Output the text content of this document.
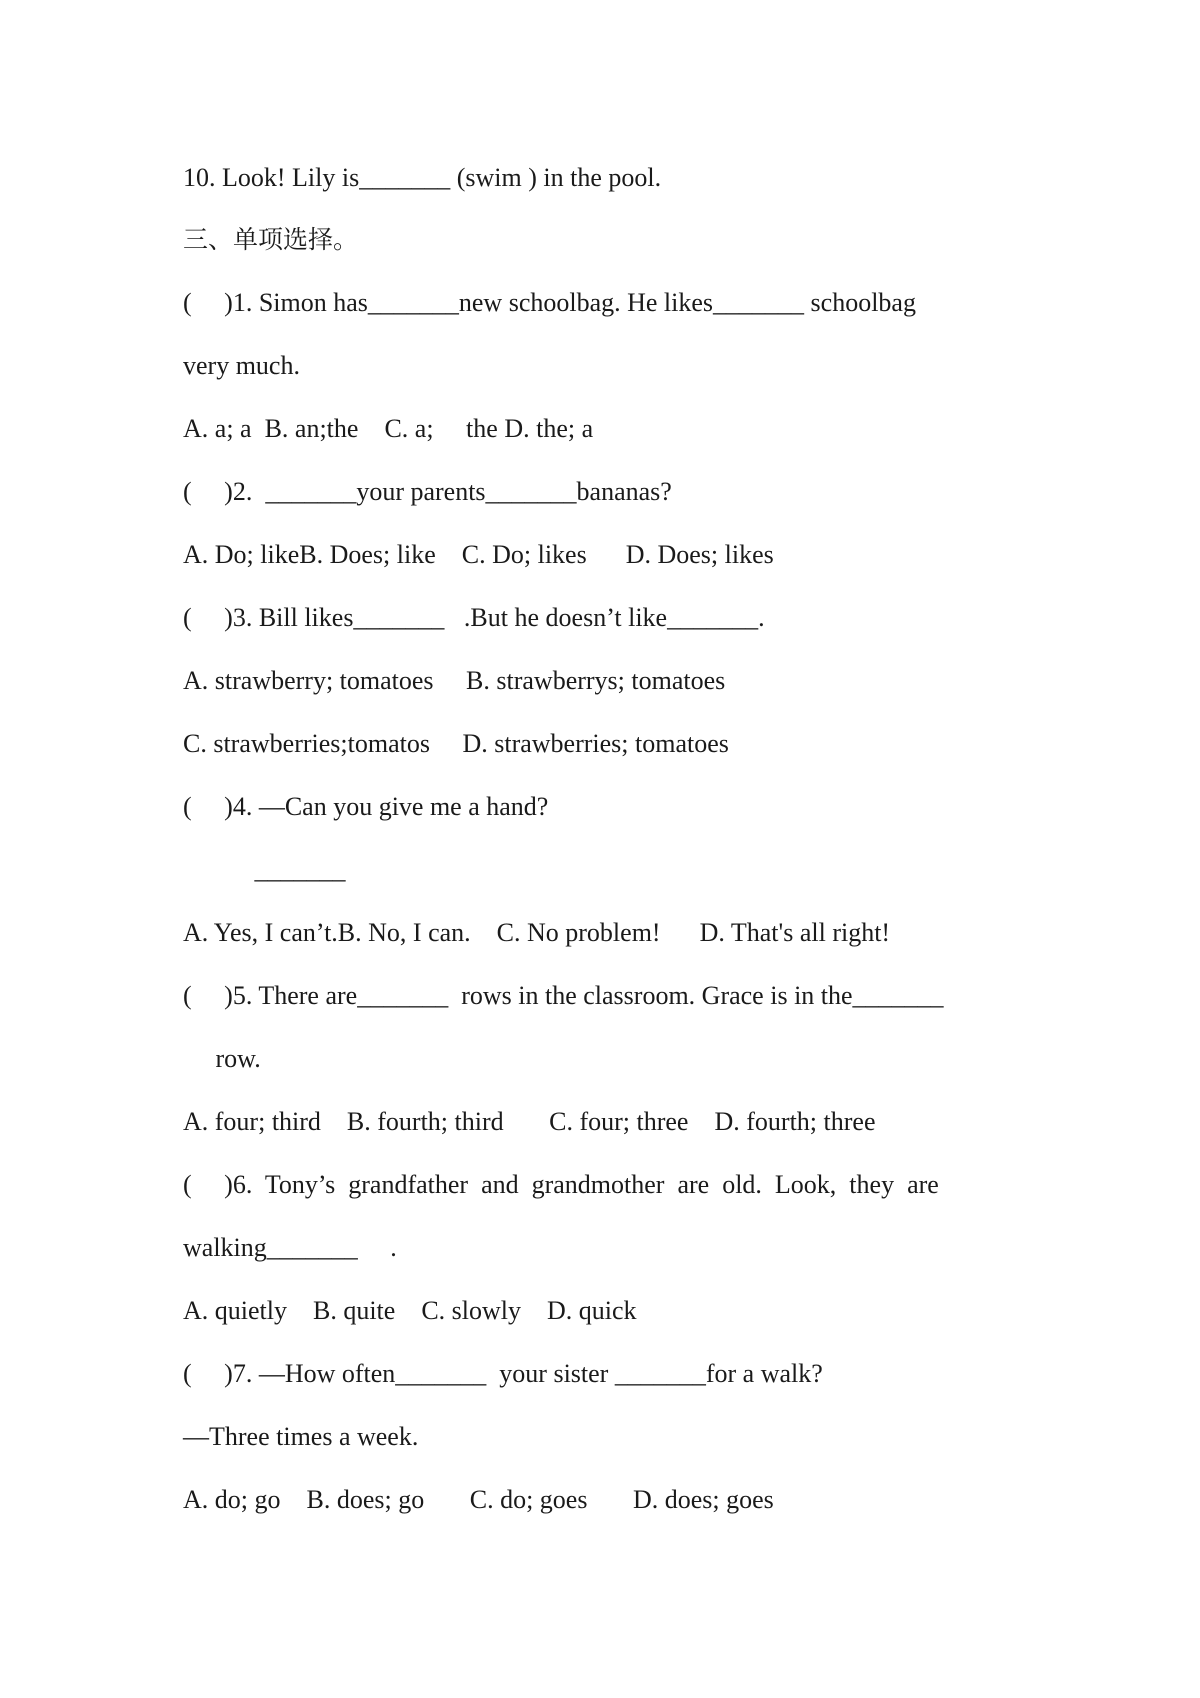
10. Look! Lily is_______ (swim ) in the pool.
三、单项选择。
(     )1. Simon has_______new schoolbag. He likes_______ schoolbag
very much.
A. a; a  B. an;the    C. a;     the D. the; a
(     )2.  _______your parents_______bananas?
A. Do; likeB. Does; like    C. Do; likes      D. Does; likes
(     )3. Bill likes_______   .But he doesn’t like_______.
A. strawberry; tomatoes     B. strawberrys; tomatoes
C. strawberries;tomatos     D. strawberries; tomatoes
(     )4. —Can you give me a hand?
_______
A. Yes, I can’t.B. No, I can.    C. No problem!      D. That's all right!
(     )5. There are_______  rows in the classroom. Grace is in the_______
row.
A. four; third    B. fourth; third       C. four; three    D. fourth; three
(     )6.  Tony’s  grandfather  and  grandmother  are  old.  Look,  they  are
walking_______     .
A. quietly    B. quite    C. slowly    D. quick
(     )7. —How often_______  your sister _______for a walk?
—Three times a week.
A. do; go    B. does; go       C. do; goes       D. does; goes
